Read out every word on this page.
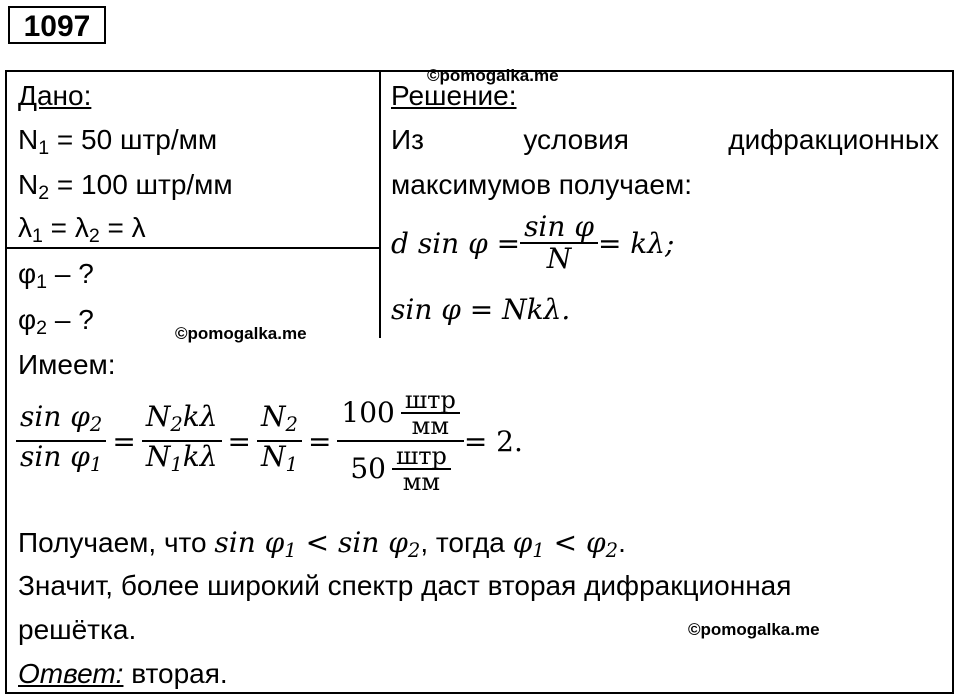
1097
©pomogalka.me
©pomogalka.me
©pomogalka.me
Дано:
$N_1 = 50$ штр/мм
$N_2 = 100$ штр/мм
$\lambda_1 = \lambda_2 = \lambda$
$\varphi_1$ – ?
$\varphi_2$ – ?
Решение:
Из	условия	дифракционных
максимумов получаем:
d $\sin \varphi = \frac{\text{sin φ}}{N} = k\lambda$;
sin φ = Nkλ.
Имеем:
$\frac{\sin \varphi_2}{\sin \varphi_1} = \frac{N_2k\lambda}{N_1k\lambda} = \frac{N_2}{N_1} = \frac{100 \frac{\text{штр}}{мм}}{50 \frac{\text{штр}}{мм}} = 2$.
Получаем, что $\sin \varphi_1 < \sin \varphi_2$, тогда $\varphi_1 < \varphi_2$.
Значит, более широкий спектр даст вторая дифракционная
решётка.
Ответ: вторая.
